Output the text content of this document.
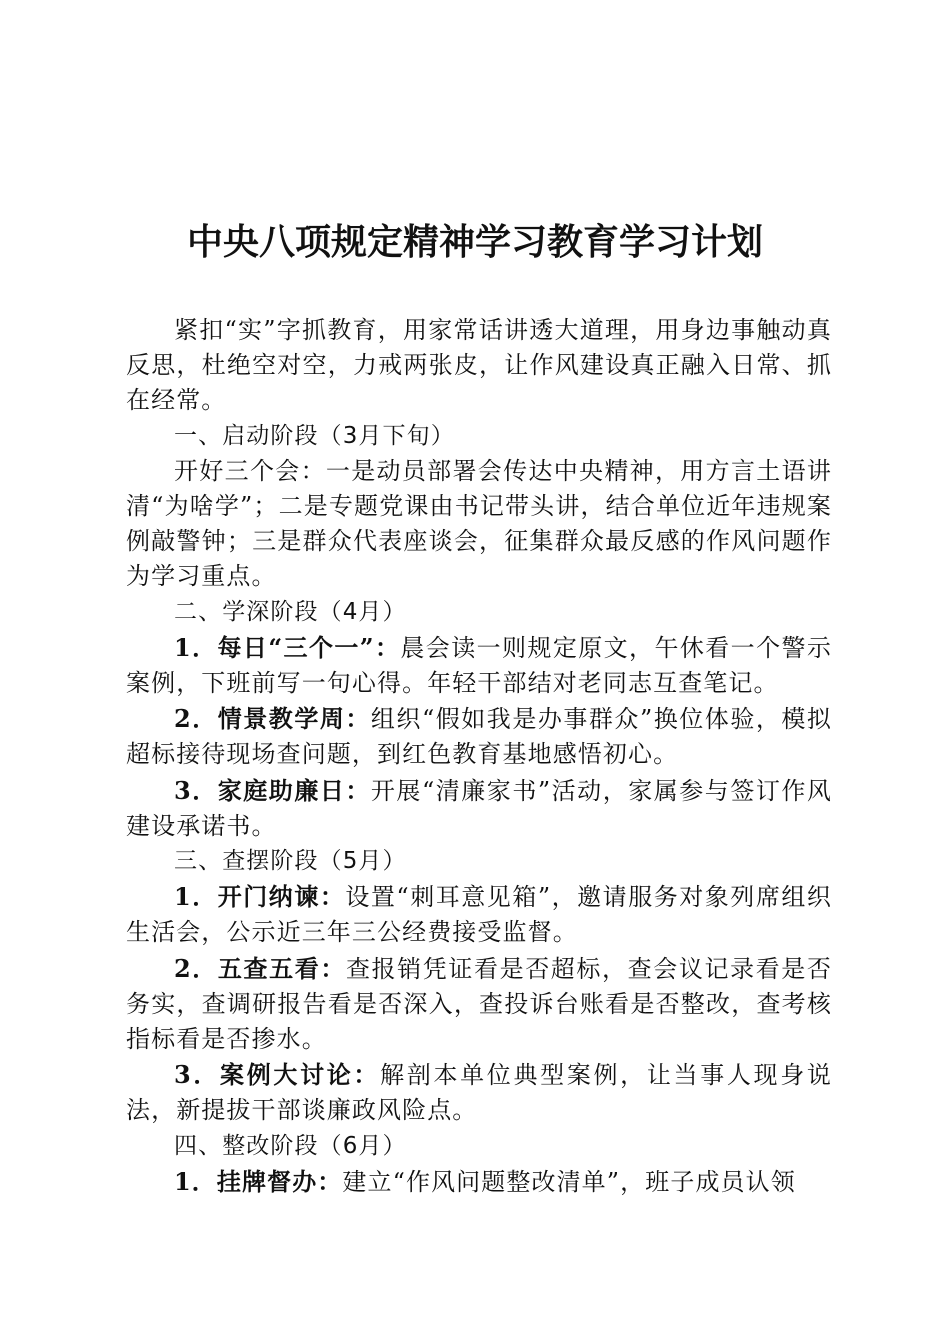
中央八项规定精神学习教育学习计划

紧扣“实”字抓教育，用家常话讲透大道理，用身边事触动真反思，杜绝空对空，力戒两张皮，让作风建设真正融入日常、抓在经常。

一、启动阶段（3月下旬）

开好三个会：一是动员部署会传达中央精神，用方言土语讲清“为啥学”；二是专题党课由书记带头讲，结合单位近年违规案例敲警钟；三是群众代表座谈会，征集群众最反感的作风问题作为学习重点。

二、学深阶段（4月）

1．每日“三个一”：晨会读一则规定原文，午休看一个警示案例，下班前写一句心得。年轻干部结对老同志互查笔记。

2．情景教学周：组织“假如我是办事群众”换位体验，模拟超标接待现场查问题，到红色教育基地感悟初心。

3．家庭助廉日：开展“清廉家书”活动，家属参与签订作风建设承诺书。

三、查摆阶段（5月）

1．开门纳谏：设置“刺耳意见箱”，邀请服务对象列席组织生活会，公示近三年三公经费接受监督。

2．五查五看：查报销凭证看是否超标，查会议记录看是否务实，查调研报告看是否深入，查投诉台账看是否整改，查考核指标看是否掺水。

3．案例大讨论：解剖本单位典型案例，让当事人现身说法，新提拔干部谈廉政风险点。

四、整改阶段（6月）

1．挂牌督办：建立“作风问题整改清单”，班子成员认领
